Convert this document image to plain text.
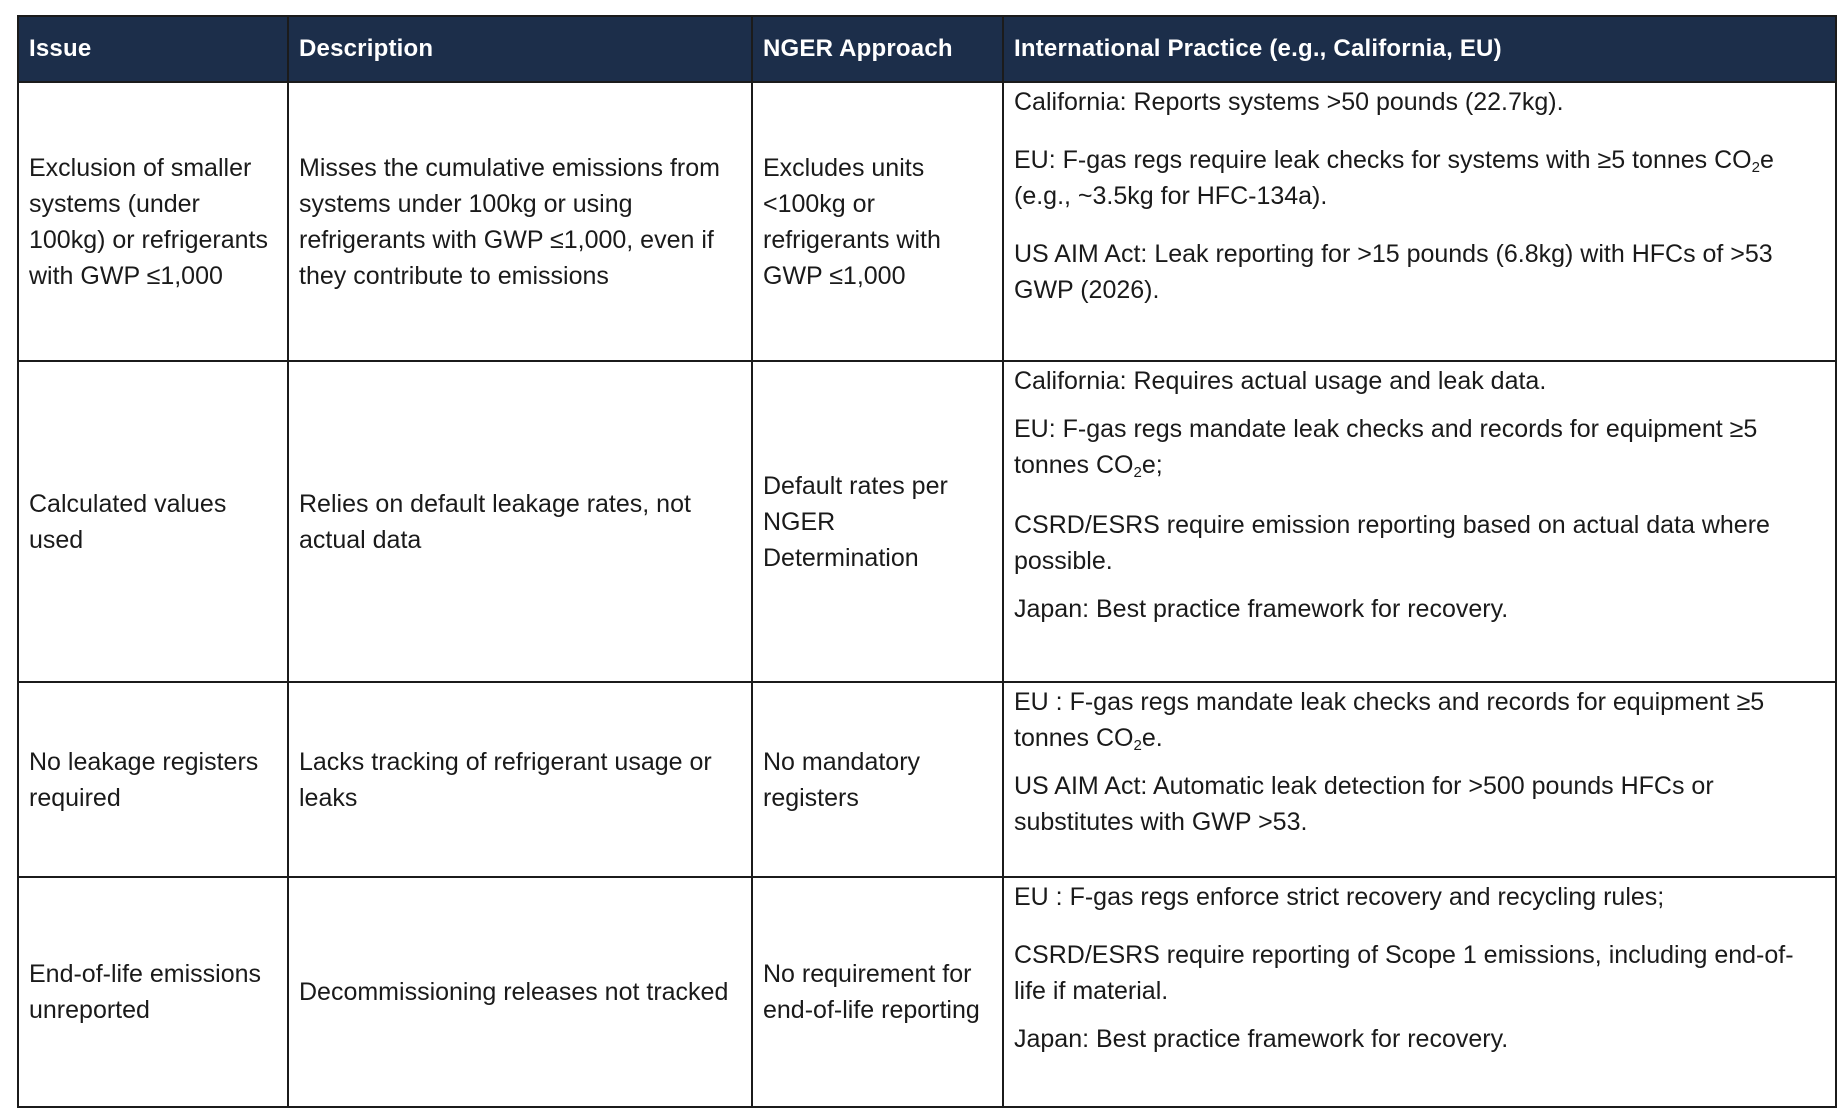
Issue	Description	NGER Approach	International Practice (e.g., California, EU)
Exclusion of smaller systems (under 100kg) or refrigerants with GWP ≤1,000	Misses the cumulative emissions from systems under 100kg or using refrigerants with GWP ≤1,000, even if they contribute to emissions	Excludes units <100kg or refrigerants with GWP ≤1,000	California: Reports systems >50 pounds (22.7kg).

EU: F-gas regs require leak checks for systems with ≥5 tonnes $CO_2e$ (e.g., ~3.5kg for HFC-134a).

US AIM Act: Leak reporting for >15 pounds (6.8kg) with HFCs of >53 GWP (2026).

Calculated values used	Relies on default leakage rates, not actual data	Default rates per NGER Determination	California: Requires actual usage and leak data.

EU: F-gas regs mandate leak checks and records for equipment ≥5 tonnes $CO_2e$;

CSRD/ESRS require emission reporting based on actual data where possible.

Japan: Best practice framework for recovery.

No leakage registers required	Lacks tracking of refrigerant usage or leaks	No mandatory registers	EU : F-gas regs mandate leak checks and records for equipment ≥5 tonnes $CO_2e$.

US AIM Act: Automatic leak detection for >500 pounds HFCs or substitutes with GWP >53.

End-of-life emissions unreported	Decommissioning releases not tracked	No requirement for end-of-life reporting	EU : F-gas regs enforce strict recovery and recycling rules;

CSRD/ESRS require reporting of Scope 1 emissions, including end-of-life if material.

Japan: Best practice framework for recovery.
